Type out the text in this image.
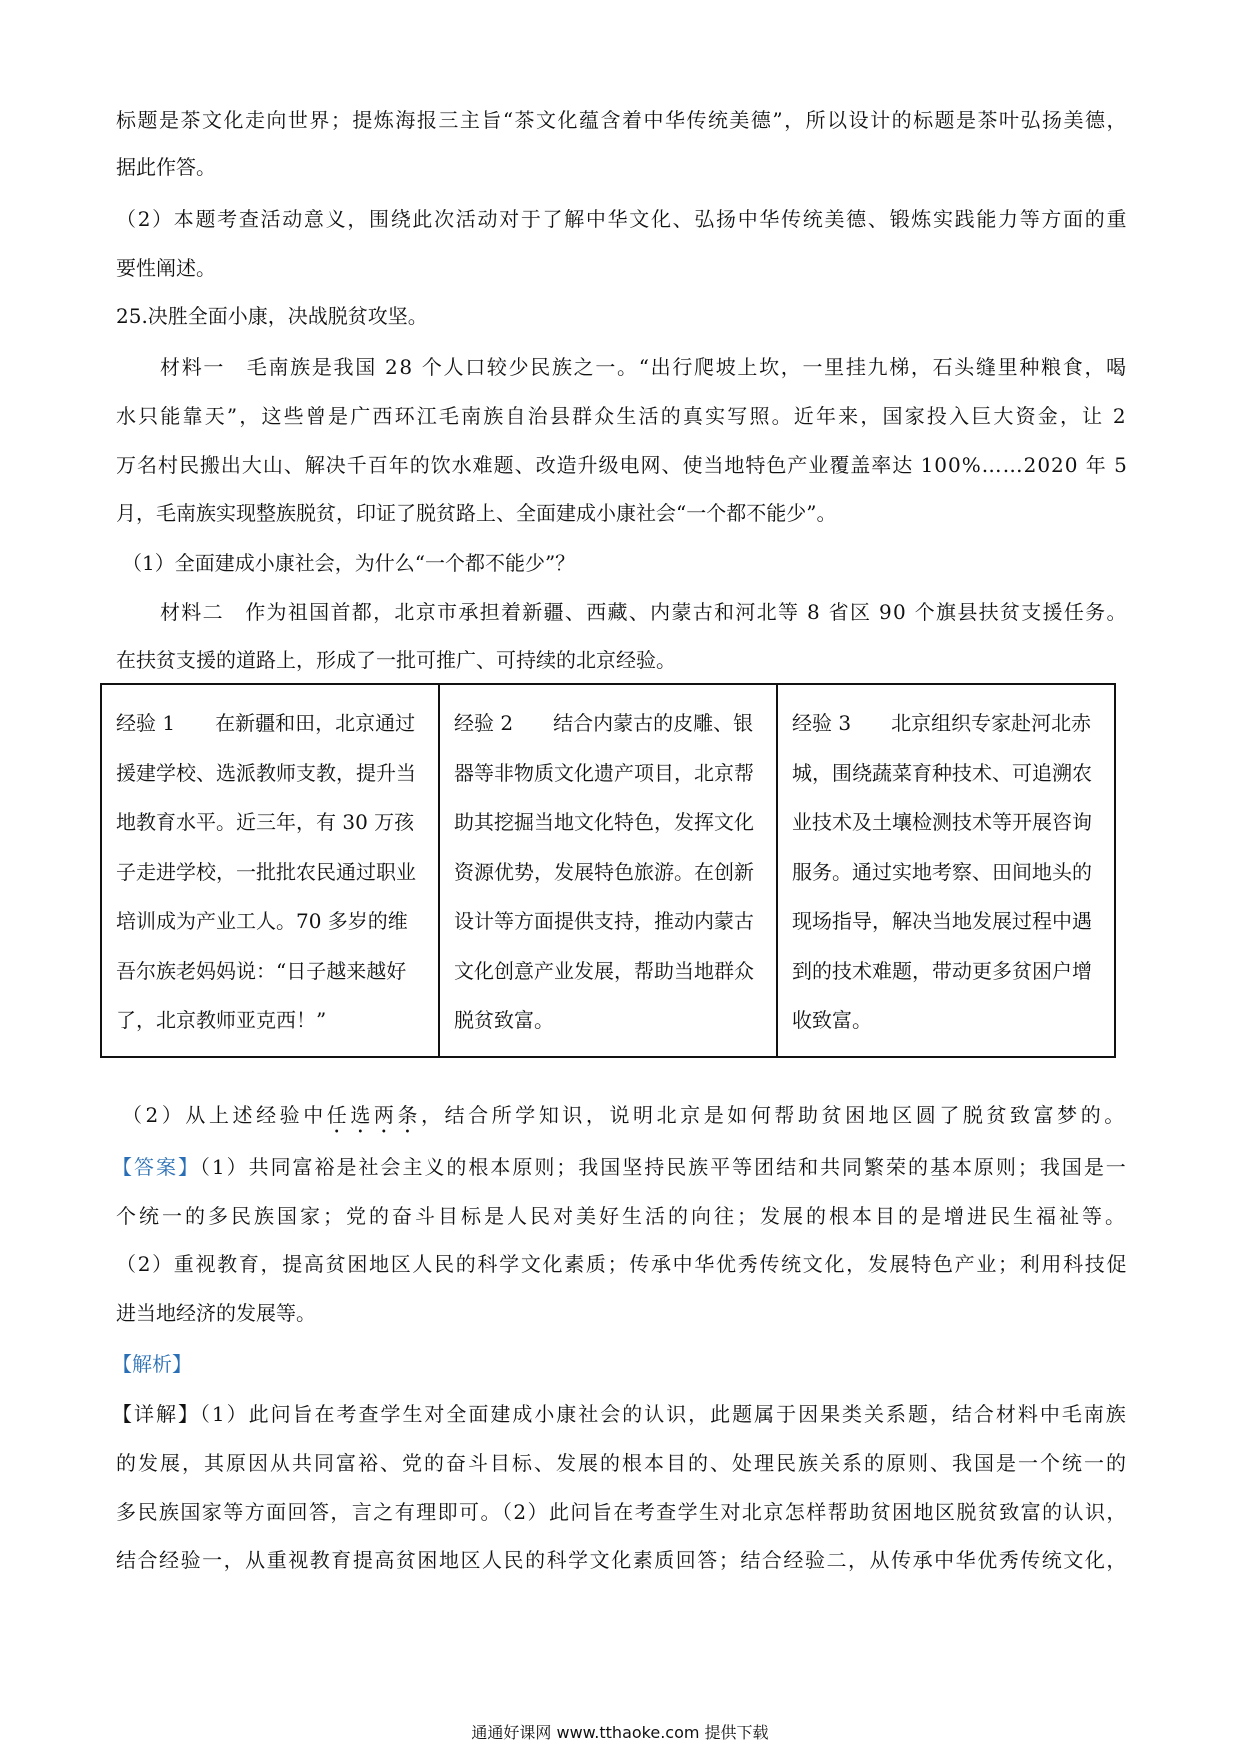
标题是茶文化走向世界；提炼海报三主旨“茶文化蕴含着中华传统美德”，所以设计的标题是茶叶弘扬美德，
据此作答。
（2）本题考查活动意义，围绕此次活动对于了解中华文化、弘扬中华传统美德、锻炼实践能力等方面的重
要性阐述。
25.决胜全面小康，决战脱贫攻坚。
材料一　毛南族是我国 28 个人口较少民族之一。“出行爬坡上坎，一里挂九梯，石头缝里种粮食，喝
水只能靠天”，这些曾是广西环江毛南族自治县群众生活的真实写照。近年来，国家投入巨大资金，让 2
万名村民搬出大山、解决千百年的饮水难题、改造升级电网、使当地特色产业覆盖率达 100%……2020 年 5
月，毛南族实现整族脱贫，印证了脱贫路上、全面建成小康社会“一个都不能少”。
（1）全面建成小康社会，为什么“一个都不能少”？
材料二　作为祖国首都，北京市承担着新疆、西藏、内蒙古和河北等 8 省区 90 个旗县扶贫支援任务。
在扶贫支援的道路上，形成了一批可推广、可持续的北京经验。
经验 1　　在新疆和田，北京通过援建学校、选派教师支教，提升当地教育水平。近三年，有 30 万孩子走进学校，一批批农民通过职业培训成为产业工人。70 多岁的维吾尔族老妈妈说：“日子越来越好了，北京教师亚克西！”	经验 2　　结合内蒙古的皮雕、银器等非物质文化遗产项目，北京帮助其挖掘当地文化特色，发挥文化资源优势，发展特色旅游。在创新设计等方面提供支持，推动内蒙古文化创意产业发展，帮助当地群众脱贫致富。	经验 3　　北京组织专家赴河北赤城，围绕蔬菜育种技术、可追溯农业技术及土壤检测技术等开展咨询服务。通过实地考察、田间地头的现场指导，解决当地发展过程中遇到的技术难题，带动更多贫困户增收致富。
（2）从上述经验中任选两条，结合所学知识，说明北京是如何帮助贫困地区圆了脱贫致富梦的。
【答案】（1）共同富裕是社会主义的根本原则；我国坚持民族平等团结和共同繁荣的基本原则；我国是一
个统一的多民族国家；党的奋斗目标是人民对美好生活的向往；发展的根本目的是增进民生福祉等。
（2）重视教育，提高贫困地区人民的科学文化素质；传承中华优秀传统文化，发展特色产业；利用科技促
进当地经济的发展等。
【解析】
【详解】（1）此问旨在考查学生对全面建成小康社会的认识，此题属于因果类关系题，结合材料中毛南族
的发展，其原因从共同富裕、党的奋斗目标、发展的根本目的、处理民族关系的原则、我国是一个统一的
多民族国家等方面回答，言之有理即可。（2）此问旨在考查学生对北京怎样帮助贫困地区脱贫致富的认识，
结合经验一，从重视教育提高贫困地区人民的科学文化素质回答；结合经验二，从传承中华优秀传统文化，
通通好课网 www.tthaoke.com 提供下载
